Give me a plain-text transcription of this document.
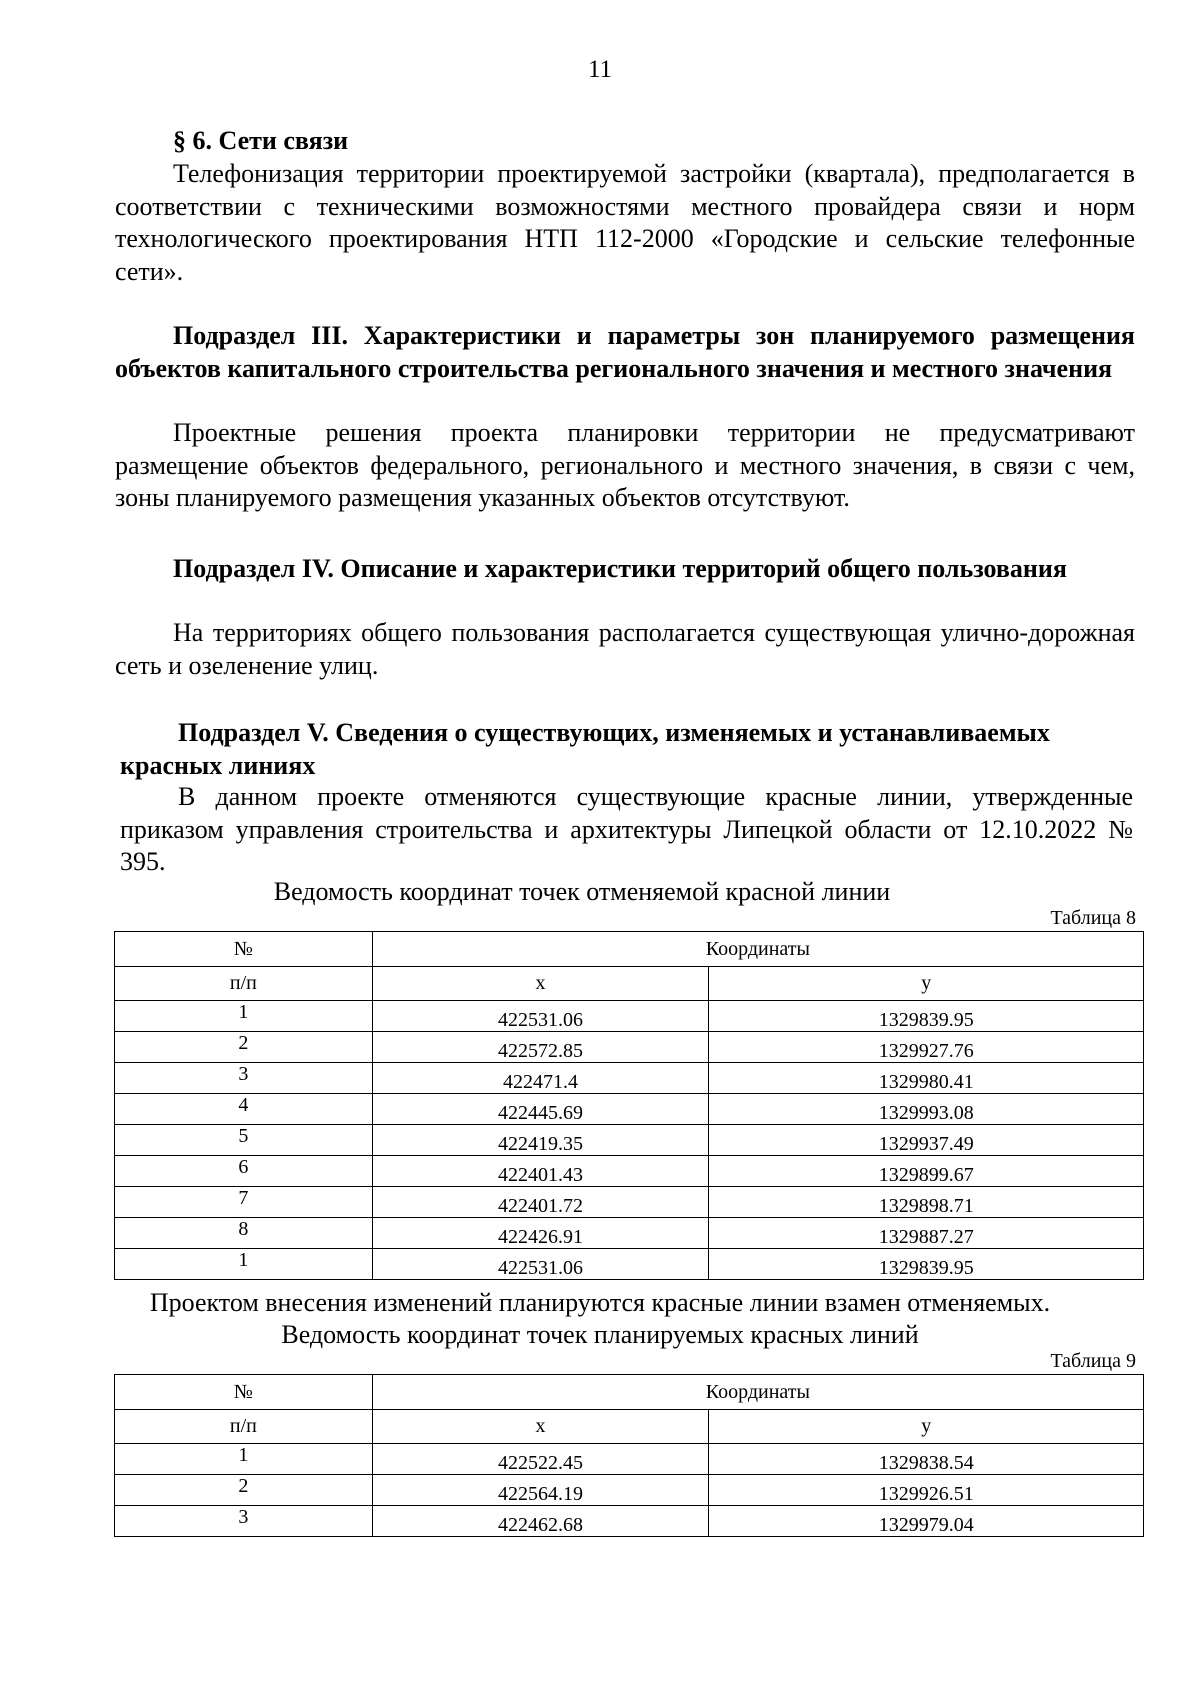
11
§ 6. Сети связи
Телефонизация территории проектируемой застройки (квартала), предполагается в соответствии с техническими возможностями местного провайдера связи и норм технологического проектирования НТП 112-2000 «Городские и сельские телефонные сети».
Подраздел III. Характеристики и параметры зон планируемого размещения объектов капитального строительства регионального значения и местного значения
Проектные решения проекта планировки территории не предусматривают размещение объектов федерального, регионального и местного значения, в связи с чем, зоны планируемого размещения указанных объектов отсутствуют.
Подраздел IV. Описание и характеристики территорий общего пользования
На территориях общего пользования располагается существующая улично-дорожная сеть и озеленение улиц.
Подраздел V. Сведения о существующих, изменяемых и устанавливаемых красных линиях
В данном проекте отменяются существующие красные линии, утвержденные приказом управления строительства и архитектуры Липецкой области от 12.10.2022 № 395.
Ведомость координат точек отменяемой красной линии
Таблица 8
№	Координаты	
п/п	x	y
1	422531.06	1329839.95
2	422572.85	1329927.76
3	422471.4	1329980.41
4	422445.69	1329993.08
5	422419.35	1329937.49
6	422401.43	1329899.67
7	422401.72	1329898.71
8	422426.91	1329887.27
1	422531.06	1329839.95
Проектом внесения изменений планируются красные линии взамен отменяемых.
Ведомость координат точек планируемых красных линий
Таблица 9
№	Координаты	
п/п	x	y
1	422522.45	1329838.54
2	422564.19	1329926.51
3	422462.68	1329979.04
